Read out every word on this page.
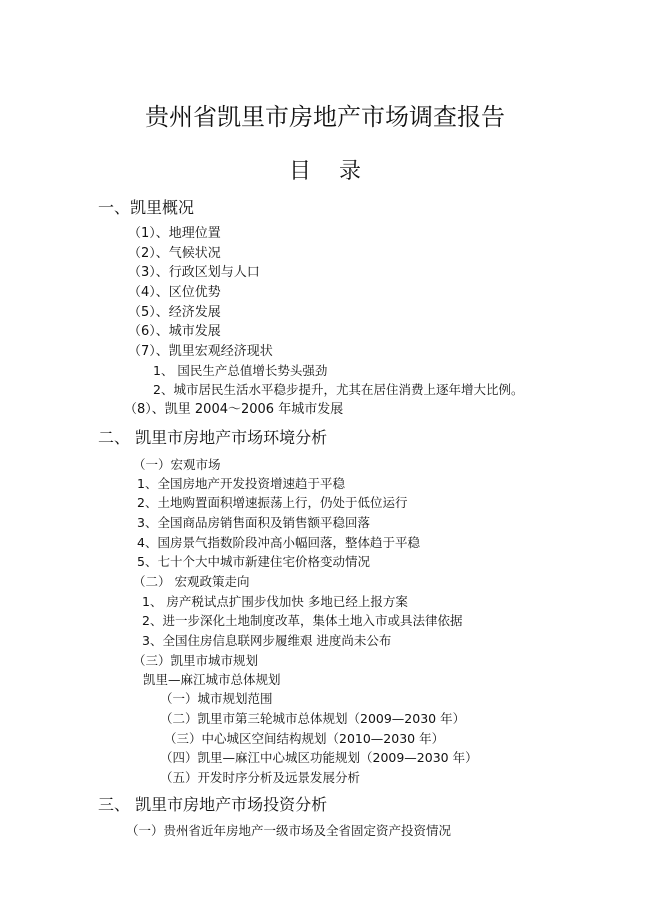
贵州省凯里市房地产市场调查报告
目 录
一、凯里概况
（1）、地理位置
（2）、气候状况
（3）、行政区划与人口
（4）、区位优势
（5）、经济发展
（6）、城市发展
（7）、凯里宏观经济现状
1、 国民生产总值增长势头强劲
2、城市居民生活水平稳步提升，尤其在居住消费上逐年增大比例。
（8）、凯里 2004～2006 年城市发展
二、 凯里市房地产市场环境分析
（一）宏观市场
1、全国房地产开发投资增速趋于平稳
2、土地购置面积增速振荡上行，仍处于低位运行
3、全国商品房销售面积及销售额平稳回落
4、国房景气指数阶段冲高小幅回落，整体趋于平稳
5、七十个大中城市新建住宅价格变动情况
（二） 宏观政策走向
1、 房产税试点扩围步伐加快 多地已经上报方案
2、进一步深化土地制度改革，集体土地入市或具法律依据
3、全国住房信息联网步履维艰 进度尚未公布
（三）凯里市城市规划
凯里—麻江城市总体规划
（一）城市规划范围
（二）凯里市第三轮城市总体规划（2009—2030 年）
（三）中心城区空间结构规划（2010—2030 年）
（四）凯里—麻江中心城区功能规划（2009—2030 年）
（五）开发时序分析及远景发展分析
三、 凯里市房地产市场投资分析
（一）贵州省近年房地产一级市场及全省固定资产投资情况
